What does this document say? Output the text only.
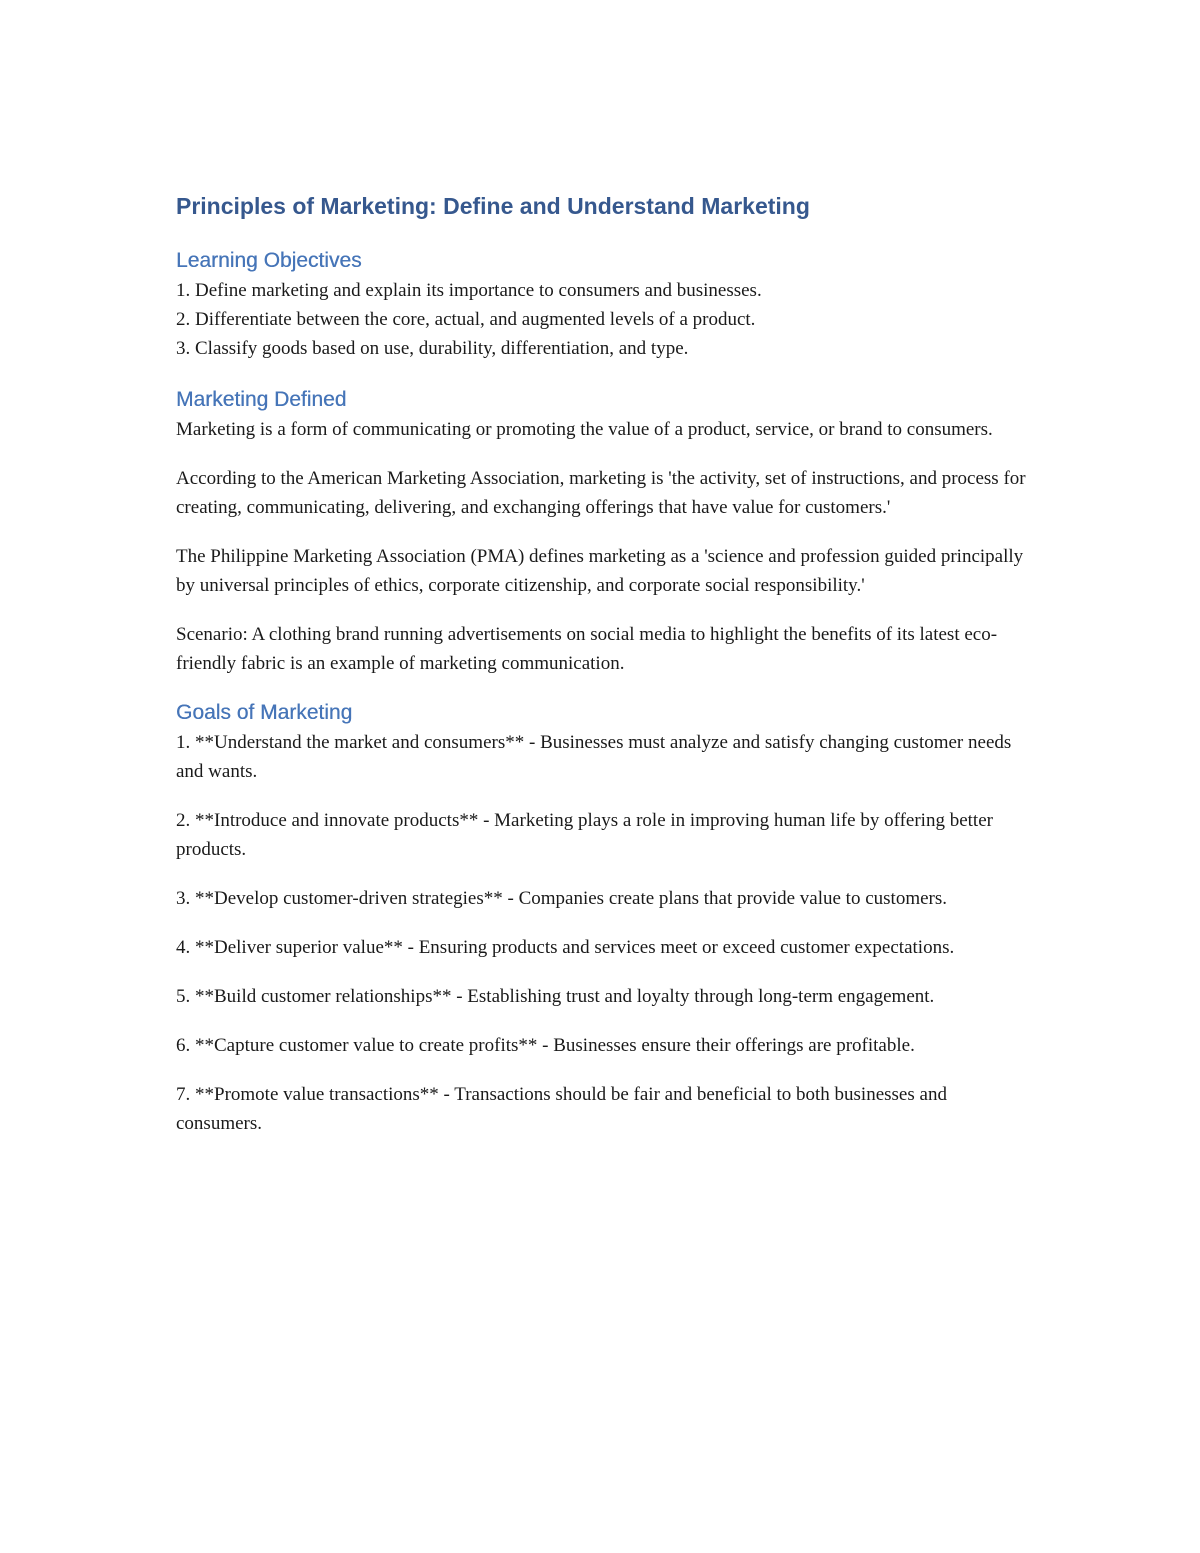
Principles of Marketing: Define and Understand Marketing
Learning Objectives

1. Define marketing and explain its importance to consumers and businesses.

2. Differentiate between the core, actual, and augmented levels of a product.

3. Classify goods based on use, durability, differentiation, and type.

Marketing Defined

Marketing is a form of communicating or promoting the value of a product, service, or brand to consumers.

According to the American Marketing Association, marketing is 'the activity, set of instructions, and process for creating, communicating, delivering, and exchanging offerings that have value for customers.'

The Philippine Marketing Association (PMA) defines marketing as a 'science and profession guided principally by universal principles of ethics, corporate citizenship, and corporate social responsibility.'

Scenario: A clothing brand running advertisements on social media to highlight the benefits of its latest eco-friendly fabric is an example of marketing communication.

Goals of Marketing

1. **Understand the market and consumers** - Businesses must analyze and satisfy changing customer needs and wants.

2. **Introduce and innovate products** - Marketing plays a role in improving human life by offering better products.

3. **Develop customer-driven strategies** - Companies create plans that provide value to customers.

4. **Deliver superior value** - Ensuring products and services meet or exceed customer expectations.

5. **Build customer relationships** - Establishing trust and loyalty through long-term engagement.

6. **Capture customer value to create profits** - Businesses ensure their offerings are profitable.

7. **Promote value transactions** - Transactions should be fair and beneficial to both businesses and consumers.
